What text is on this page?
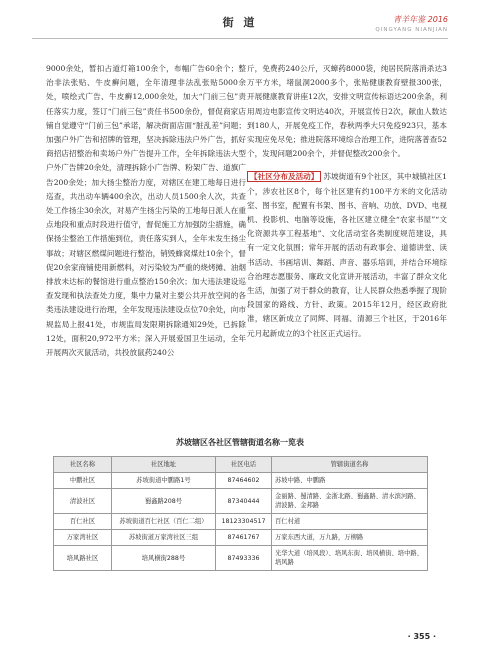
街 道	青羊年鉴 2016
QINGYANG NIANJIAN
9000余处，暂扣占道灯箱100余个，布幅广告60余个；整治非法张贴、牛皮癣问题，全年清理非法乱张贴5000余处，喷绘式广告、牛皮癣12,000余处，加大“门前三包”责任落实力度，签订“门前三包”责任书500余份，督促商家店铺自觉遵守“门前三包”承诺，解决街面店面“脏乱差”问题；加强户外广告和招牌的管理，坚决拆除违法户外广告，抓好商招店招整治和卖场户外广告提升工作，全年拆除违法大型户外广告牌20余处，清理拆除小广告牌、粉架广告、道旗广告200余处；加大扬尘整治力度，对辖区在建工地每日进行巡查，共出动车辆400余次，出动人员1500余人次，共查处工作扬尘30余次，对易产生扬尘污染的工地每日派人在重点地段和重点时段进行值守，督促施工方加强防尘措施，确保扬尘整治工作措施到位，责任落实到人，全年未发生扬尘事故；对辖区燃煤问题进行整治，销毁蜂窝煤灶10余个，督促20余家商铺使用新燃料，对污染较为严重的烧烤摊、油烟排放未达标的餐馆进行重点整治150余次；加大违法建设巡查发现和执法查处力度，集中力量对主要公共开放空间的各类违法建设进行治理，全年发现违法建设点位70余处，向市规监局上报41处，市规监局发限期拆除通知29处，已拆除12处，面积20,972平方米；深入开展爱国卫生运动，全年开展两次灭鼠活动，共投放鼠药240公

斤，免费药240公斤，灭蟑药8000袋，纯居民院落消杀达3万平方米，堵鼠洞2000多个，张贴健康教育壁报300张，开展健康教育讲座12次，安排文明宣传标语达200余条，利用周边电影宣传文明达40次，开展宣传日2次，献血人数达到180人，开展免疫工作，春秋两季大只免疫923只，基本实现应免尽免；推进院落环境综合治理工作，进院落普查52个，发现问题200余个，并督促整改200余个。

【社区分布及活动】 苏坡街道有9个社区，其中城镇社区1个，涉农社区8个，每个社区建有约100平方米的文化活动室、图书室，配置有书架、图书、音响、功放、DVD、电视机、投影机、电脑等设施，各社区建立健全“农家书屋”“文化资源共享工程基地”、文化活动室各类制度规范建设，具有一定文化氛围；常年开展的活动有政事会、道德讲堂、读书活动、书画培训、舞蹈、声音、器乐培训，并结合环境综合治理志愿服务、廉政文化宣讲开展活动，丰富了群众文化生活，加强了对于群众的教育，让人民群众热悉季握了现阶段国家的路线、方针、政策。2015年12月，经区政府批准，辖区新成立了同辉、同福、清源三个社区，于2016年元月起新成立的3个社区正式运行。

苏坡辖区各社区管辖街道名称一览表
社区名称	社区地址	社区电话	管辖街道名称
中鹏社区	苏坡街道中鹏路1号	87464602	苏坡中路、中鹏路
清波社区	蜀鑫路208号	87340444	金丽路、蜀清路、金浙北路、蜀鑫路、清水滨河路、清波路、金邦路
百仁社区	苏坡街道百仁社区（百仁二组）	18123304517	百仁村道
万家湾社区	苏坡街道万家湾社区三组	87461767	万家东西大道，万九路，万柳路
培风路社区	培风横街288号	87493336	光华大道（培风段）、培风东街、培风横街、培中路、培风路
· 355 ·
